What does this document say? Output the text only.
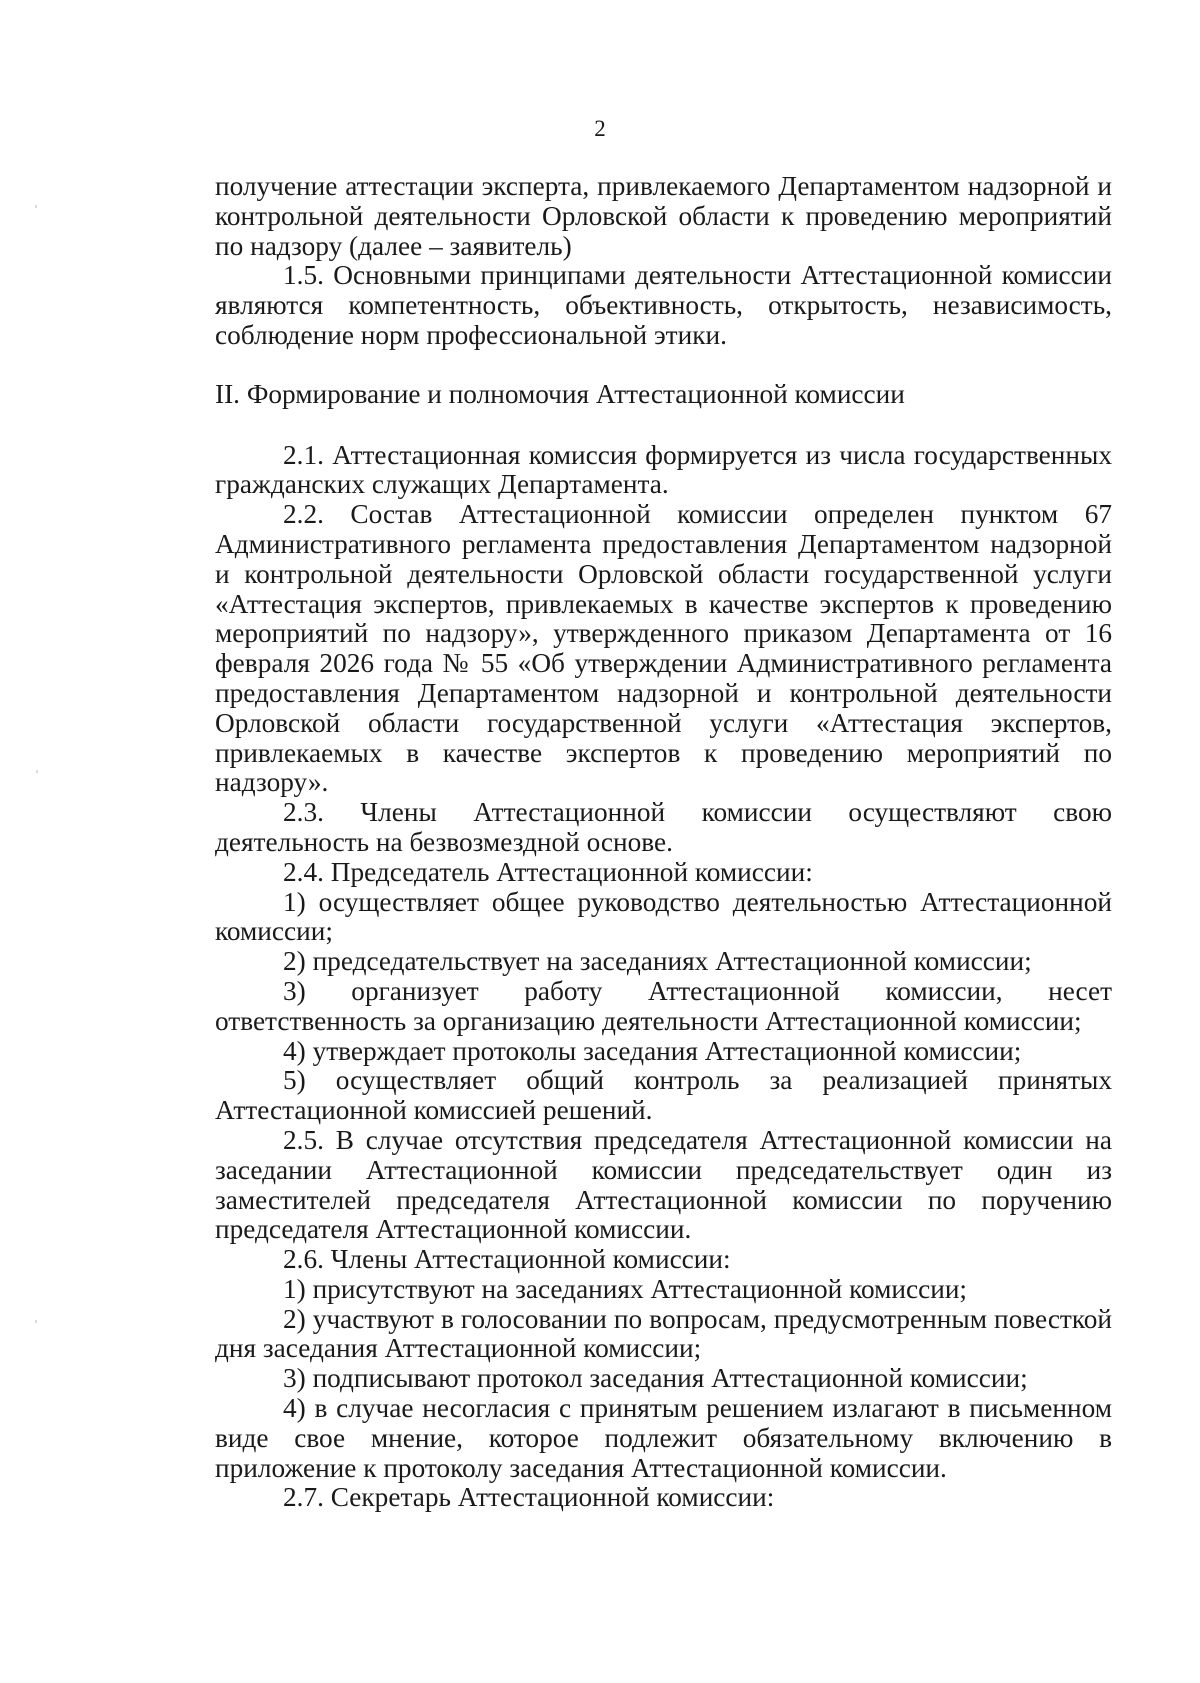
2

получение аттестации эксперта, привлекаемого Департаментом надзорной и контрольной деятельности Орловской области к проведению мероприятий по надзору (далее – заявитель)

1.5. Основными принципами деятельности Аттестационной комиссии являются компетентность, объективность, открытость, независимость, соблюдение норм профессиональной этики.

II. Формирование и полномочия Аттестационной комиссии

2.1. Аттестационная комиссия формируется из числа государственных гражданских служащих Департамента.

2.2. Состав Аттестационной комиссии определен пунктом 67 Административного регламента предоставления Департаментом надзорной и контрольной деятельности Орловской области государственной услуги «Аттестация экспертов, привлекаемых в качестве экспертов к проведению мероприятий по надзору», утвержденного приказом Департамента от 16 февраля 2026 года № 55 «Об утверждении Административного регламента предоставления Департаментом надзорной и контрольной деятельности Орловской области государственной услуги «Аттестация экспертов, привлекаемых в качестве экспертов к проведению мероприятий по надзору».

2.3. Члены Аттестационной комиссии осуществляют свою деятельность на безвозмездной основе.

2.4. Председатель Аттестационной комиссии:

1) осуществляет общее руководство деятельностью Аттестационной комиссии;

2) председательствует на заседаниях Аттестационной комиссии;

3) организует работу Аттестационной комиссии, несет ответственность за организацию деятельности Аттестационной комиссии;

4) утверждает протоколы заседания Аттестационной комиссии;

5) осуществляет общий контроль за реализацией принятых Аттестационной комиссией решений.

2.5. В случае отсутствия председателя Аттестационной комиссии на заседании Аттестационной комиссии председательствует один из заместителей председателя Аттестационной комиссии по поручению председателя Аттестационной комиссии.

2.6. Члены Аттестационной комиссии:

1) присутствуют на заседаниях Аттестационной комиссии;

2) участвуют в голосовании по вопросам, предусмотренным повесткой дня заседания Аттестационной комиссии;

3) подписывают протокол заседания Аттестационной комиссии;

4) в случае несогласия с принятым решением излагают в письменном виде свое мнение, которое подлежит обязательному включению в приложение к протоколу заседания Аттестационной комиссии.

2.7. Секретарь Аттестационной комиссии:
